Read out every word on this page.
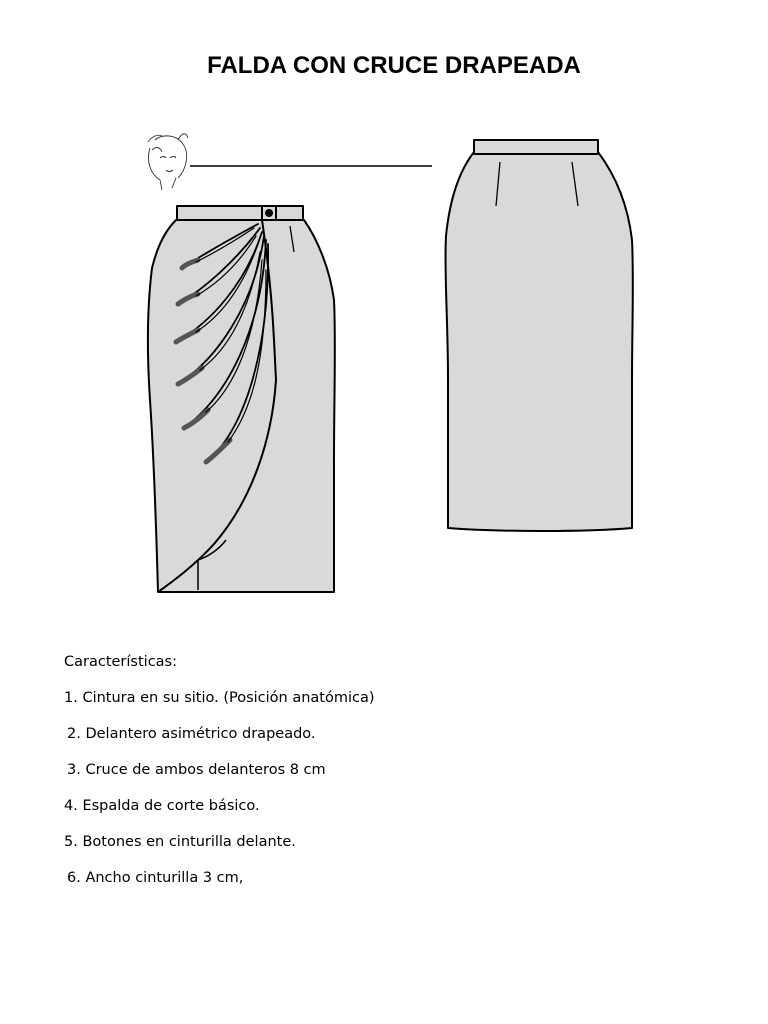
FALDA CON CRUCE DRAPEADA

Características:

1. Cintura en su sitio. (Posición anatómica)
2. Delantero asimétrico drapeado.
3. Cruce de ambos delanteros 8 cm
4. Espalda de corte básico.
5. Botones en cinturilla delante.
6. Ancho cinturilla 3 cm,
